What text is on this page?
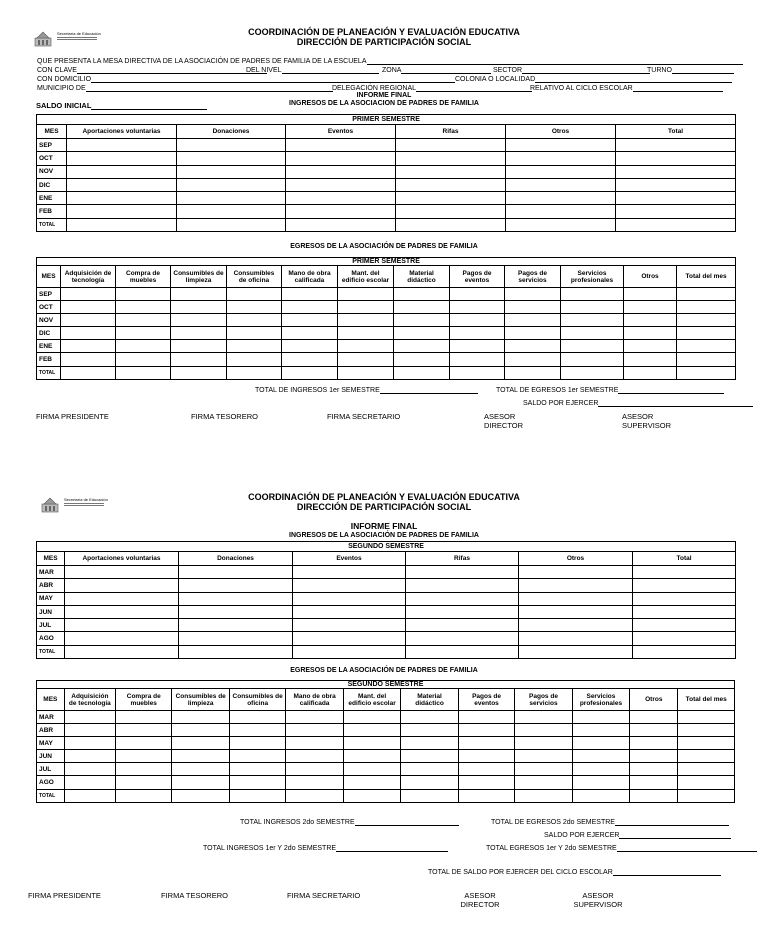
Secretaría de Educación	COORDINACIÓN DE PLANEACIÓN Y EVALUACIÓN EDUCATIVA
DIRECCIÓN DE PARTICIPACIÓN SOCIAL
QUE PRESENTA LA MESA DIRECTIVA DE LA ASOCIACIÓN DE PADRES DE FAMILIA DE LA ESCUELA
CON CLAVE	DEL NIVEL	ZONA	SECTOR	TURNO
CON DOMICILIO	COLONIA O LOCALIDAD
MUNICIPIO DE	DELEGACIÓN REGIONAL	RELATIVO AL CICLO ESCOLAR
INFORME FINAL
SALDO INICIAL	INGRESOS DE LA ASOCIACION DE PADRES DE FAMILIA
PRIMER SEMESTRE						
MES	Aportaciones voluntarias	Donaciones	Eventos	Rifas	Otros	Total
SEP						
OCT						
NOV						
DIC						
ENE						
FEB						
TOTAL						
EGRESOS DE LA ASOCIACIÓN DE PADRES DE FAMILIA
PRIMER SEMESTRE												
MES	Adquisición de tecnología	Compra de muebles	Consumibles de limpieza	Consumibles de oficina	Mano de obra calificada	Mant. del edificio escolar	Material didáctico	Pagos de eventos	Pagos de servicios	Servicios profesionales	Otros	Total del mes
SEP												
OCT												
NOV												
DIC												
ENE												
FEB												
TOTAL												
TOTAL DE INGRESOS 1er SEMESTRE	TOTAL DE EGRESOS 1er SEMESTRE
SALDO POR EJERCER
FIRMA PRESIDENTE	FIRMA TESORERO	FIRMA SECRETARIO	ASESOR
DIRECTOR
ASESOR
SUPERVISOR
Secretaría de Educación	COORDINACIÓN DE PLANEACIÓN Y EVALUACIÓN EDUCATIVA
DIRECCIÓN DE PARTICIPACIÓN SOCIAL
INFORME FINAL
INGRESOS DE LA ASOCIACIÓN DE PADRES DE FAMILIA
SEGUNDO SEMESTRE						
MES	Aportaciones voluntarias	Donaciones	Eventos	Rifas	Otros	Total
MAR						
ABR						
MAY						
JUN						
JUL						
AGO						
TOTAL						
EGRESOS DE LA ASOCIACIÓN DE PADRES DE FAMILIA
SEGUNDO SEMESTRE												
MES	Adquisición de tecnología	Compra de muebles	Consumibles de limpieza	Consumibles de oficina	Mano de obra calificada	Mant. del edificio escolar	Material didáctico	Pagos de eventos	Pagos de servicios	Servicios profesionales	Otros	Total del mes
MAR												
ABR												
MAY												
JUN												
JUL												
AGO												
TOTAL												
TOTAL INGRESOS 2do SEMESTRE	TOTAL DE EGRESOS 2do SEMESTRE
SALDO POR EJERCER
TOTAL INGRESOS 1er Y 2do SEMESTRE	TOTAL EGRESOS 1er Y 2do SEMESTRE
TOTAL DE SALDO POR EJERCER DEL CICLO ESCOLAR
FIRMA PRESIDENTE	FIRMA TESORERO	FIRMA SECRETARIO	ASESOR
DIRECTOR
ASESOR
SUPERVISOR
